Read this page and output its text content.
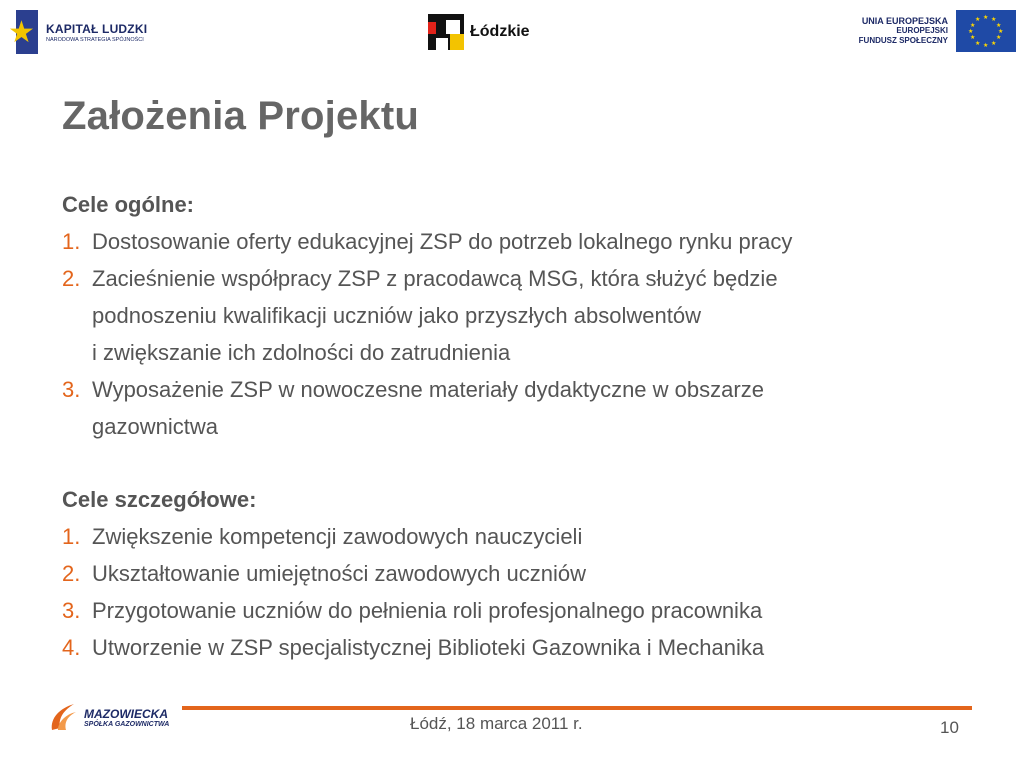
★ KAPITAŁ LUDZKI
NARODOWA STRATEGIA SPÓJNOŚCI	Łódzkie
UNIA EUROPEJSKA
EUROPEJSKI
FUNDUSZ SPOŁECZNY
★ ★
★
★
★
★
★
★
★
★
★
★
Założenia Projektu
Cele ogólne:
1. Dostosowanie oferty edukacyjnej ZSP do potrzeb lokalnego rynku pracy
2. Zacieśnienie współpracy ZSP z pracodawcą MSG, która służyć będzie
podnoszeniu kwalifikacji uczniów jako przyszłych absolwentów
i zwiększanie ich zdolności do zatrudnienia
3. Wyposażenie ZSP w nowoczesne materiały dydaktyczne w obszarze
gazownictwa
Cele szczegółowe:
1. Zwiększenie kompetencji zawodowych nauczycieli
2. Ukształtowanie umiejętności zawodowych uczniów
3. Przygotowanie uczniów do pełnienia roli profesjonalnego pracownika
4. Utworzenie w ZSP specjalistycznej Biblioteki Gazownika i Mechanika
MAZOWIECKA
SPÓŁKA GAZOWNICTWA	Łódź, 18 marca 2011 r.	10
